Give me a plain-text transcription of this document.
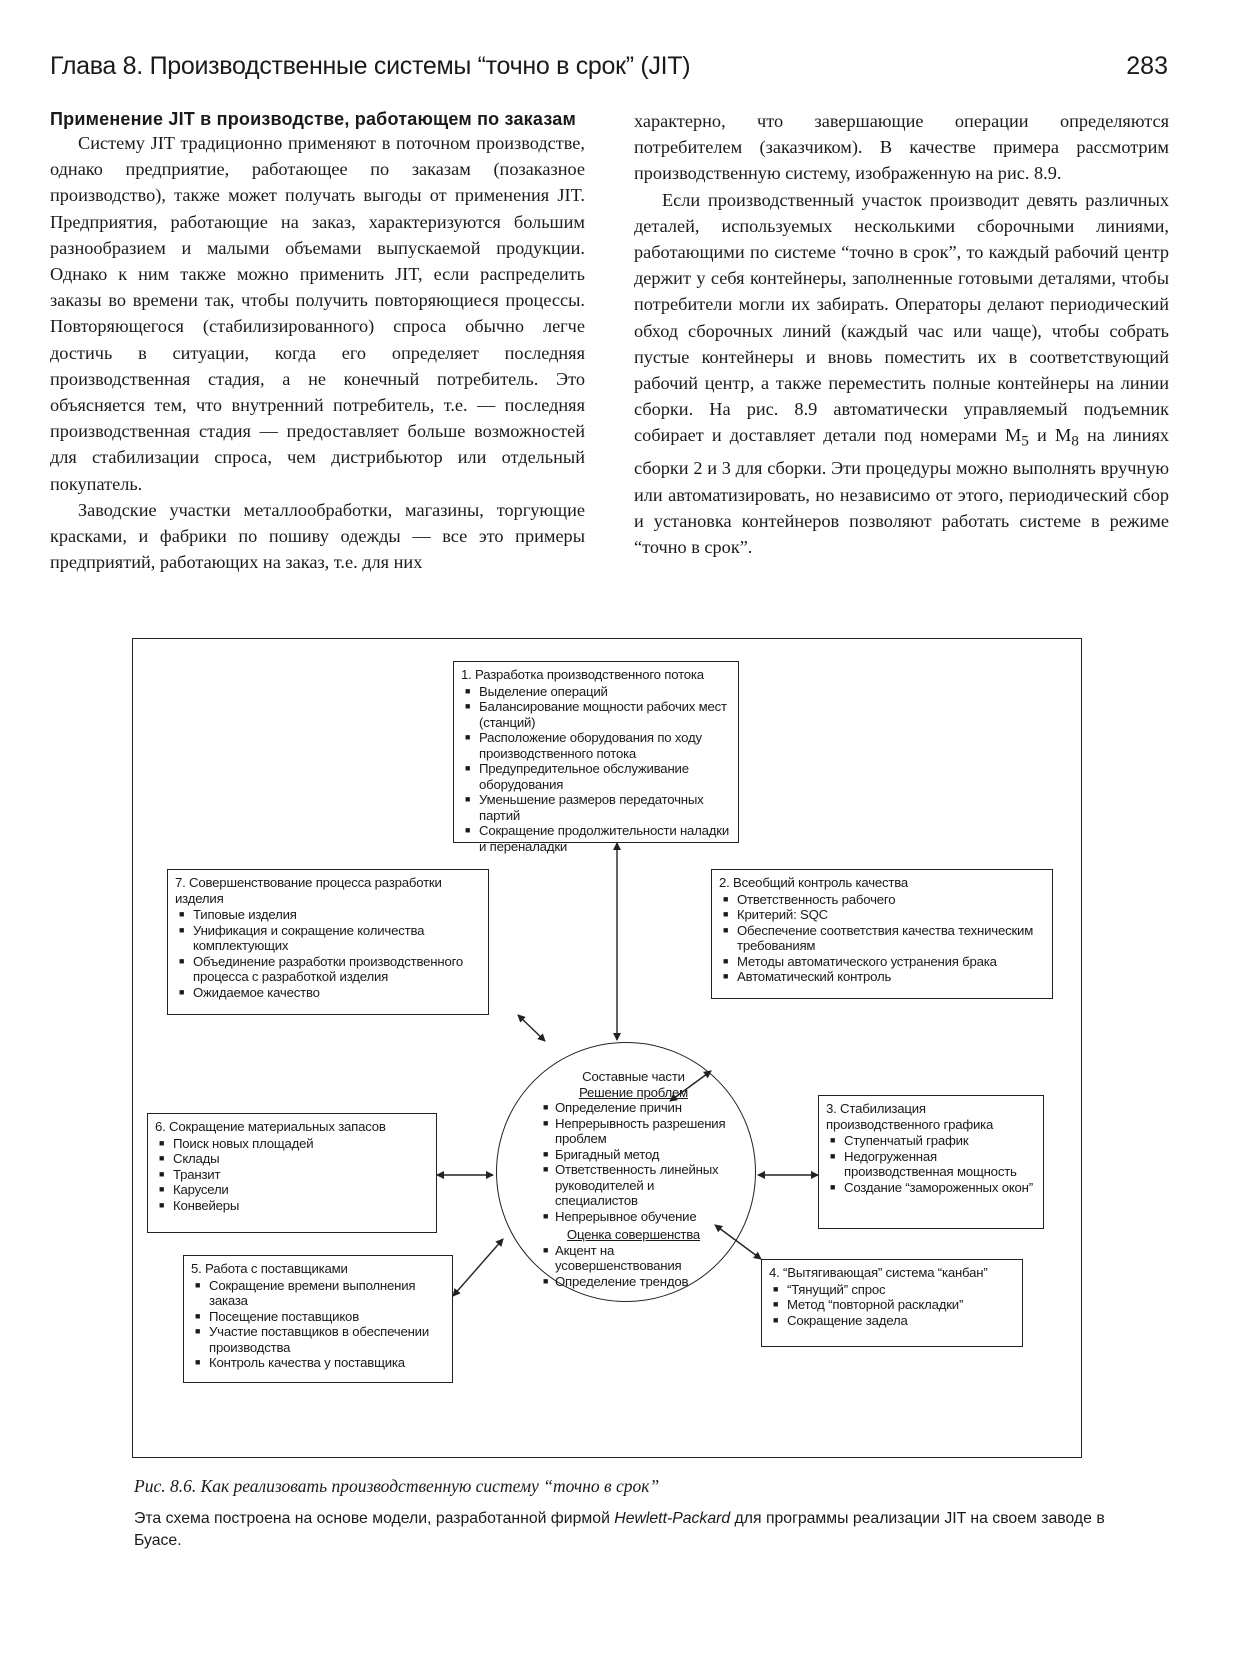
Глава 8. Производственные системы “точно в срок” (JIT)	283

Применение JIT в производстве, работающем по заказам

Систему JIT традиционно применяют в поточном производстве, однако предприятие, работающее по заказам (позаказное производство), также может получать выгоды от применения JIT. Предприятия, работающие на заказ, характеризуются большим разнообразием и малыми объемами выпускаемой продукции. Однако к ним также можно применить JIT, если распределить заказы во времени так, чтобы получить повторяющиеся процессы. Повторяющегося (стабилизированного) спроса обычно легче достичь в ситуации, когда его определяет последняя производственная стадия, а не конечный потребитель. Это объясняется тем, что внутренний потребитель, т.е. — последняя производственная стадия — предоставляет больше возможностей для стабилизации спроса, чем дистрибьютор или отдельный покупатель.

Заводские участки металлообработки, магазины, торгующие красками, и фабрики по пошиву одежды — все это примеры предприятий, работающих на заказ, т.е. для них

характерно, что завершающие операции определяются потребителем (заказчиком). В качестве примера рассмотрим производственную систему, изображенную на рис. 8.9.

Если производственный участок производит девять различных деталей, используемых несколькими сборочными линиями, работающими по системе “точно в срок”, то каждый рабочий центр держит у себя контейнеры, заполненные готовыми деталями, чтобы потребители могли их забирать. Операторы делают периодический обход сборочных линий (каждый час или чаще), чтобы собрать пустые контейнеры и вновь поместить их в соответствующий рабочий центр, а также переместить полные контейнеры на линии сборки. На рис. 8.9 автоматически управляемый подъемник собирает и доставляет детали под номерами $M_5$ и $M_8$ на линиях сборки 2 и 3 для сборки. Эти процедуры можно выполнять вручную или автоматизировать, но независимо от этого, периодический сбор и установка контейнеров позволяют работать системе в режиме “точно в срок”.

1. Разработка производственного потока
■ Выделение операций
■ Балансирование мощности рабочих мест (станций)
■ Расположение оборудования по ходу производственного потока
■ Предупредительное обслуживание оборудования
■ Уменьшение размеров передаточных партий
■ Сокращение продолжительности наладки и переналадки
2. Всеобщий контроль качества
■ Ответственность рабочего
■ Критерий: SQC
■ Обеспечение соответствия качества техническим требованиям
■ Методы автоматического устранения брака
■ Автоматический контроль
3. Стабилизация производственного графика
■ Ступенчатый график
■ Недогруженная производственная мощность
■ Создание “замороженных окон”
4. “Вытягивающая” система “канбан”
■ “Тянущий” спрос
■ Метод “повторной раскладки”
■ Сокращение задела
5. Работа с поставщиками
■ Сокращение времени выполнения заказа
■ Посещение поставщиков
■ Участие поставщиков в обеспечении производства
■ Контроль качества у поставщика
6. Сокращение материальных запасов
■ Поиск новых площадей
■ Склады
■ Транзит
■ Карусели
■ Конвейеры
7. Совершенствование процесса разработки изделия
■ Типовые изделия
■ Унификация и сокращение количества комплектующих
■ Объединение разработки производственного процесса с разработкой изделия
■ Ожидаемое качество
Составные части
Решение проблем
■ Определение причин
■ Непрерывность разрешения проблем
■ Бригадный метод
■ Ответственность линейных руководителей и специалистов
■ Непрерывное обучение
Оценка совершенства
■ Акцент на усовершенствования
■ Определение трендов
Рис. 8.6. Как реализовать производственную систему “точно в срок”
Эта схема построена на основе модели, разработанной фирмой Hewlett-Packard для программы реализации JIT на своем заводе в Буасе.
